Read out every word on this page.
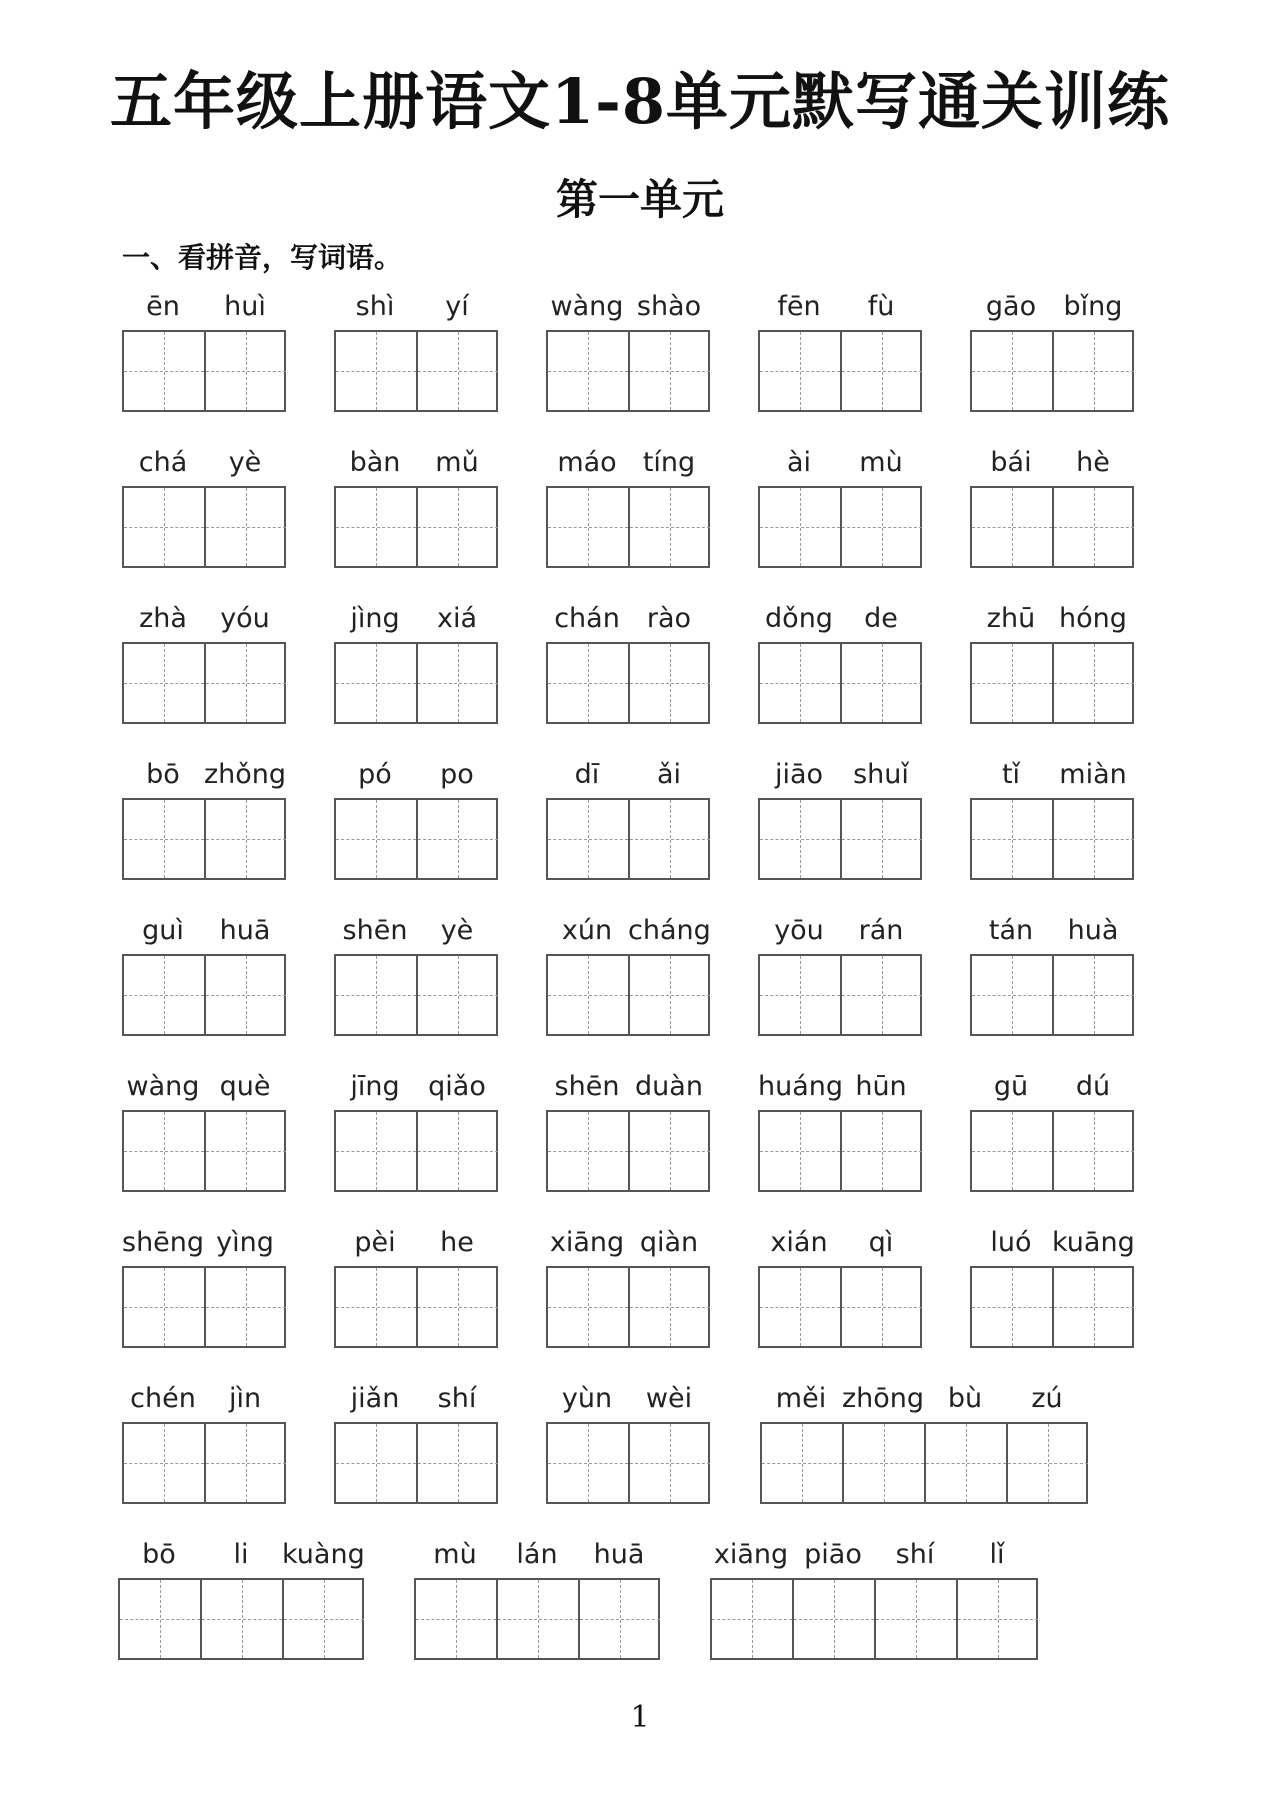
五年级上册语文1-8单元默写通关训练
第一单元
一、看拼音，写词语。
ēn	huì	shì	yí	wàng shào	fēn	fù	gāo	bǐng
chá	yè	bàn	mǔ	máo tíng	ài	mù	bái	hè
zhà	yóu	jìng	xiá	chán	rào	dǒng	de	zhū hóng
bō zhǒng	pó	po	dī	ǎi	jiāo	shuǐ	tǐ	miàn
guì	huā	shēn	yè	xún cháng	yōu	rán	tán	huà
wàng què	jīng	qiǎo	shēn duàn huáng hūn	gū	dú
shēng yìng	pèi	he	xiāng qiàn	xián	qì	luó kuāng
chén	jìn	jiǎn	shí	yùn	wèi	měi zhōng bù	zú
bō	li	kuàng	mù	lán	huā	xiāng piāo	shí	lǐ
1
